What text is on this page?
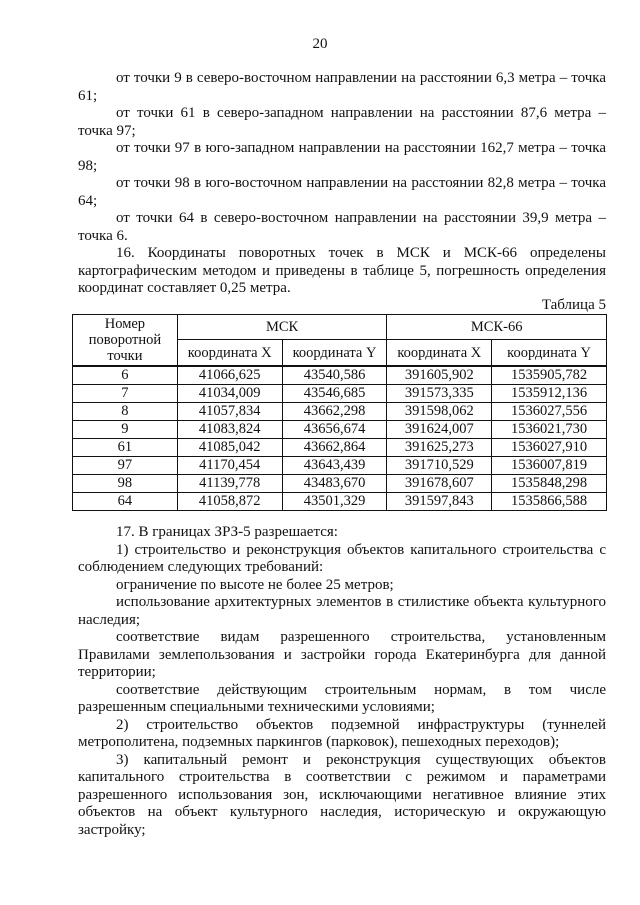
20

от точки 9 в северо-восточном направлении на расстоянии 6,3 метра – точка 61;

от точки 61 в северо-западном направлении на расстоянии 87,6 метра – точка 97;

от точки 97 в юго-западном направлении на расстоянии 162,7 метра – точка 98;

от точки 98 в юго-восточном направлении на расстоянии 82,8 метра – точка 64;

от точки 64 в северо-восточном направлении на расстоянии 39,9 метра – точка 6.

16. Координаты поворотных точек в МСК и МСК-66 определены картографическим методом и приведены в таблице 5, погрешность определения координат составляет 0,25 метра.

Таблица 5
Номер поворотной точки	МСК		МСК-66	
	координата X	координата Y	координата X	координата Y
6	41066,625	43540,586	391605,902	1535905,782
7	41034,009	43546,685	391573,335	1535912,136
8	41057,834	43662,298	391598,062	1536027,556
9	41083,824	43656,674	391624,007	1536021,730
61	41085,042	43662,864	391625,273	1536027,910
97	41170,454	43643,439	391710,529	1536007,819
98	41139,778	43483,670	391678,607	1535848,298
64	41058,872	43501,329	391597,843	1535866,588

17. В границах ЗРЗ-5 разрешается:

1) строительство и реконструкция объектов капитального строительства с соблюдением следующих требований:

ограничение по высоте не более 25 метров;

использование архитектурных элементов в стилистике объекта культурного наследия;

соответствие видам разрешенного строительства, установленным Правилами землепользования и застройки города Екатеринбурга для данной территории;

соответствие действующим строительным нормам, в том числе разрешенным специальными техническими условиями;

2) строительство объектов подземной инфраструктуры (туннелей метрополитена, подземных паркингов (парковок), пешеходных переходов);

3) капитальный ремонт и реконструкция существующих объектов капитального строительства в соответствии с режимом и параметрами разрешенного использования зон, исключающими негативное влияние этих объектов на объект культурного наследия, историческую и окружающую застройку;
